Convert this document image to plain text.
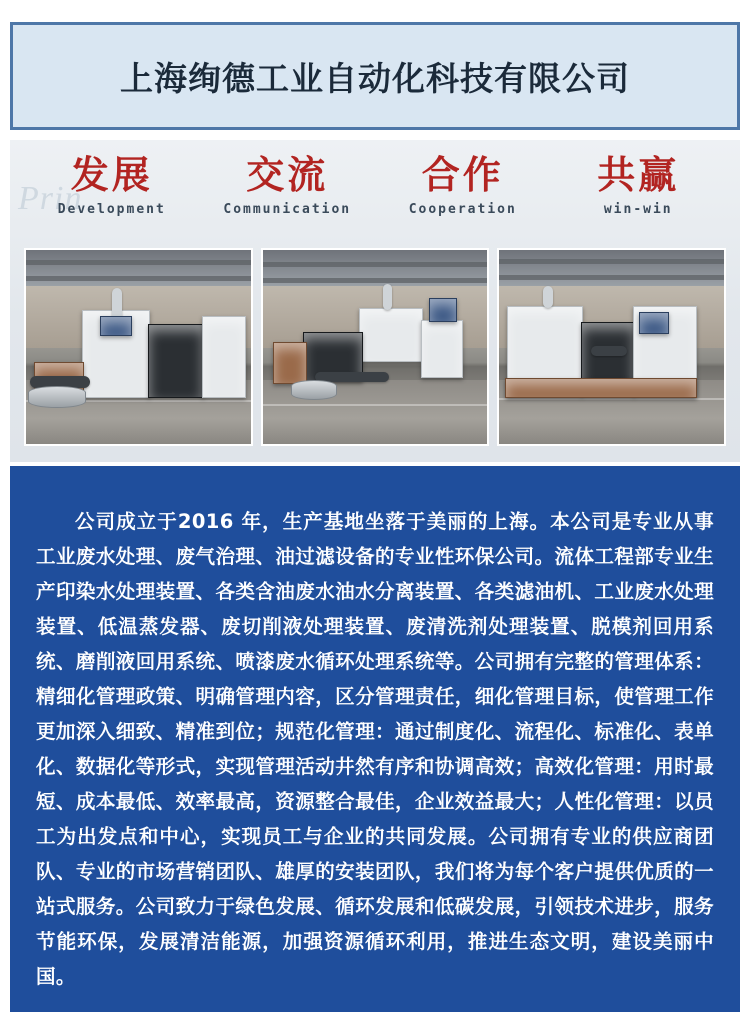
上海绚德工业自动化科技有限公司
Prin
发展
Development
交流
Communication
合作
Cooperation
共赢
win-win

公司成立于2016 年，生产基地坐落于美丽的上海。本公司是专业从事工业废水处理、废气治理、油过滤设备的专业性环保公司。流体工程部专业生产印染水处理装置、各类含油废水油水分离装置、各类滤油机、工业废水处理装置、低温蒸发器、废切削液处理装置、废清洗剂处理装置、脱模剂回用系统、磨削液回用系统、喷漆废水循环处理系统等。公司拥有完整的管理体系：精细化管理政策、明确管理内容，区分管理责任，细化管理目标，使管理工作更加深入细致、精准到位；规范化管理：通过制度化、流程化、标准化、表单化、数据化等形式，实现管理活动井然有序和协调高效；高效化管理：用时最短、成本最低、效率最高，资源整合最佳，企业效益最大；人性化管理：以员工为出发点和中心，实现员工与企业的共同发展。公司拥有专业的供应商团队、专业的市场营销团队、雄厚的安装团队，我们将为每个客户提供优质的一站式服务。公司致力于绿色发展、循环发展和低碳发展，引领技术进步，服务节能环保，发展清洁能源，加强资源循环利用，推进生态文明，建设美丽中国。
